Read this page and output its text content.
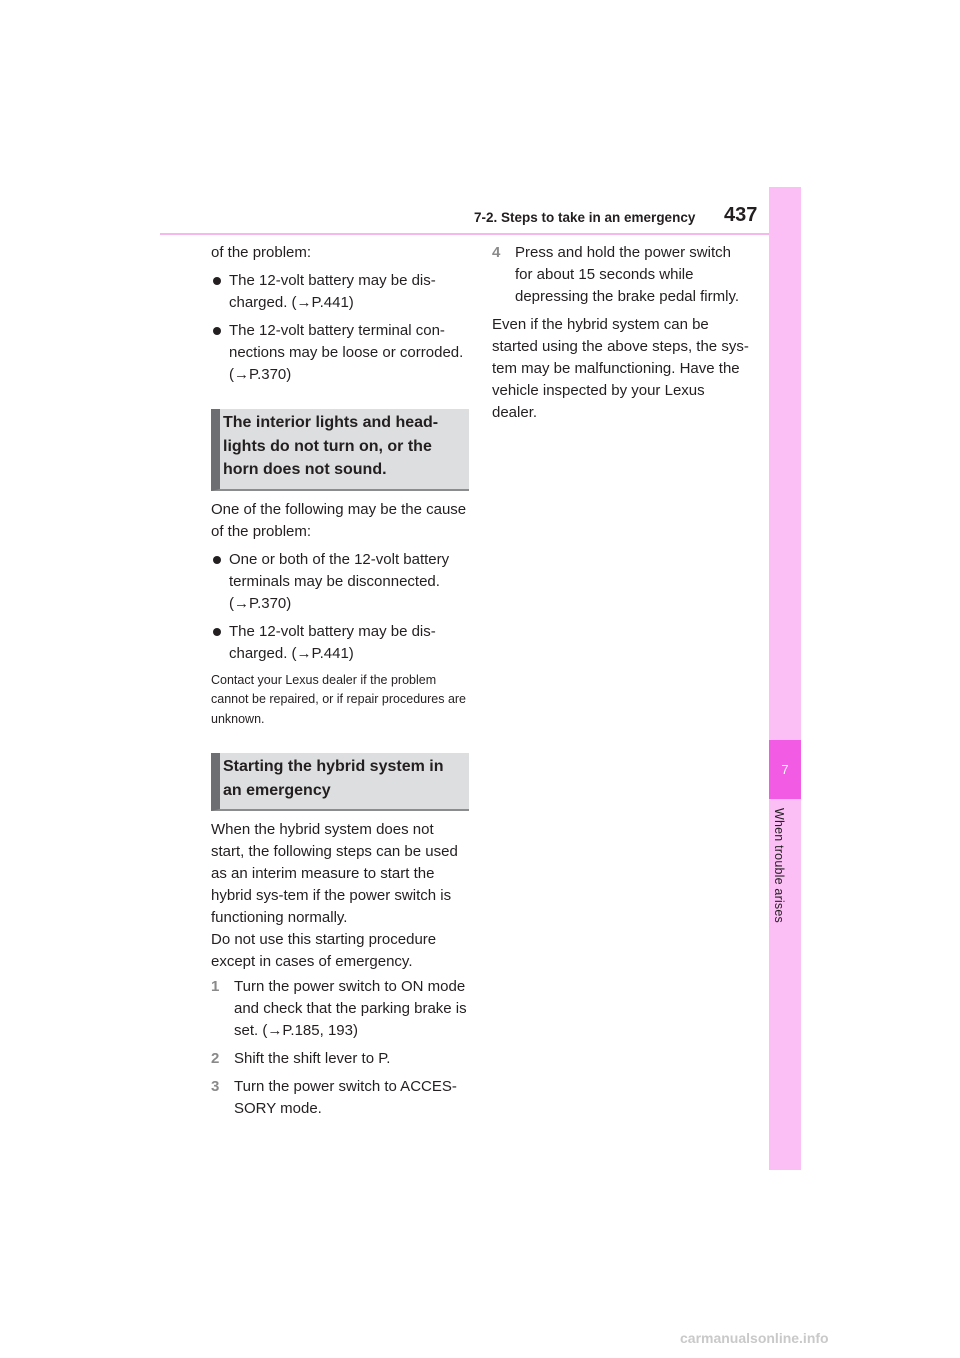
7-2. Steps to take in an emergency 437
7
When trouble arises

of the problem:

The 12-volt battery may be dis-charged. (→P.441)
The 12-volt battery terminal con-nections may be loose or corroded. (→P.370)
The interior lights and head-lights do not turn on, or the horn does not sound.

One of the following may be the cause of the problem:

One or both of the 12-volt battery terminals may be disconnected. (→P.370)
The 12-volt battery may be dis-charged. (→P.441)

Contact your Lexus dealer if the problem cannot be repaired, or if repair procedures are unknown.

Starting the hybrid system in an emergency

When the hybrid system does not start, the following steps can be used as an interim measure to start the hybrid sys-tem if the power switch is functioning normally.

Do not use this starting procedure except in cases of emergency.

1 Turn the power switch to ON mode and check that the parking brake is set. (→P.185, 193)
2 Shift the shift lever to P.
3 Turn the power switch to ACCES-SORY mode.
4 Press and hold the power switch for about 15 seconds while depressing the brake pedal firmly.

Even if the hybrid system can be started using the above steps, the sys-tem may be malfunctioning. Have the vehicle inspected by your Lexus dealer.

carmanualsonline.info
